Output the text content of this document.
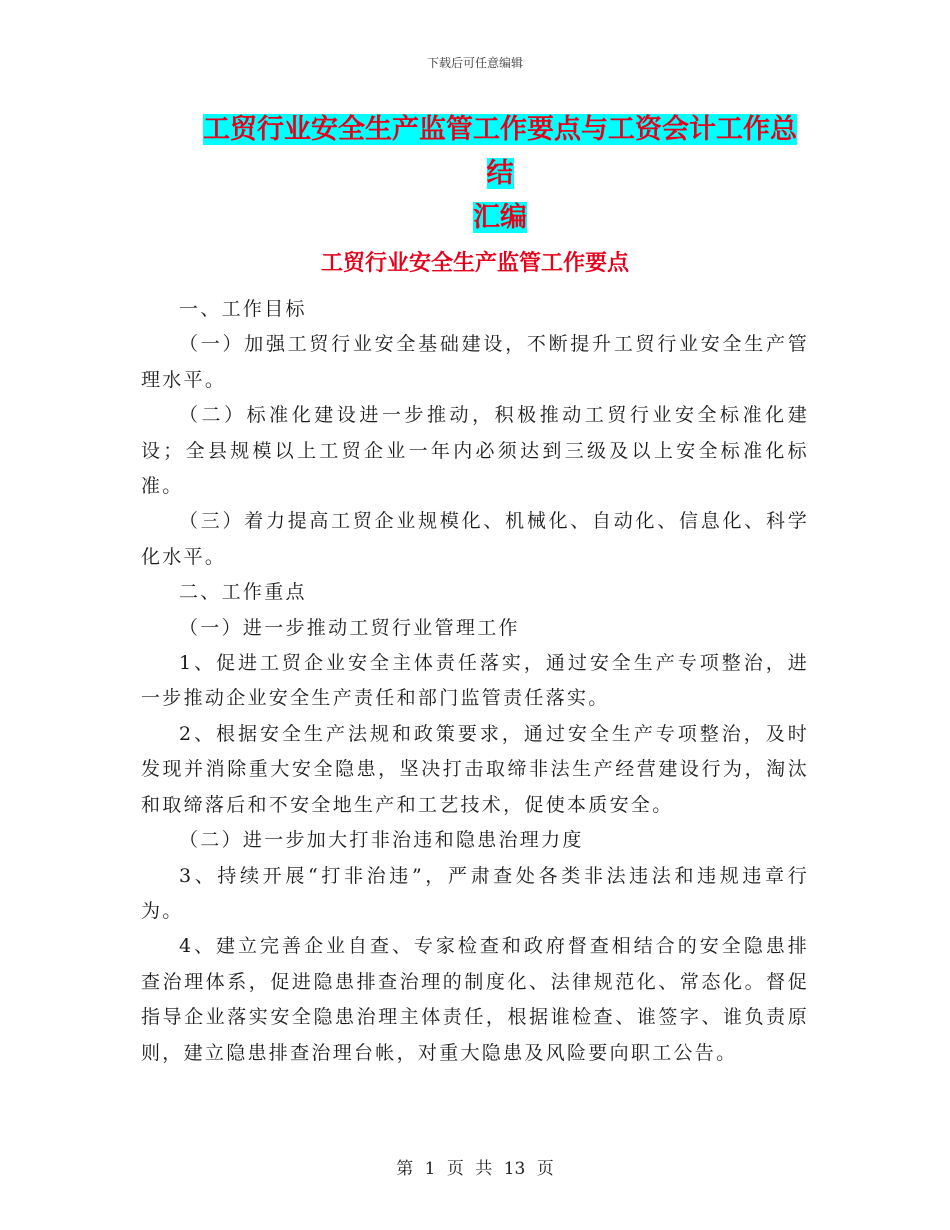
下载后可任意编辑
工贸行业安全生产监管工作要点与工资会计工作总结
汇编
工贸行业安全生产监管工作要点

一、工作目标

（一）加强工贸行业安全基础建设，不断提升工贸行业安全生产管理水平。

（二）标准化建设进一步推动，积极推动工贸行业安全标准化建设；全县规模以上工贸企业一年内必须达到三级及以上安全标准化标准。

（三）着力提高工贸企业规模化、机械化、自动化、信息化、科学化水平。

二、工作重点

（一）进一步推动工贸行业管理工作

1、促进工贸企业安全主体责任落实，通过安全生产专项整治，进一步推动企业安全生产责任和部门监管责任落实。

2、根据安全生产法规和政策要求，通过安全生产专项整治，及时发现并消除重大安全隐患，坚决打击取缔非法生产经营建设行为，淘汰和取缔落后和不安全地生产和工艺技术，促使本质安全。

（二）进一步加大打非治违和隐患治理力度

3、持续开展“打非治违”，严肃查处各类非法违法和违规违章行为。

4、建立完善企业自查、专家检查和政府督查相结合的安全隐患排查治理体系，促进隐患排查治理的制度化、法律规范化、常态化。督促指导企业落实安全隐患治理主体责任，根据谁检查、谁签字、谁负责原则，建立隐患排查治理台帐，对重大隐患及风险要向职工公告。

第 1 页 共 13 页
